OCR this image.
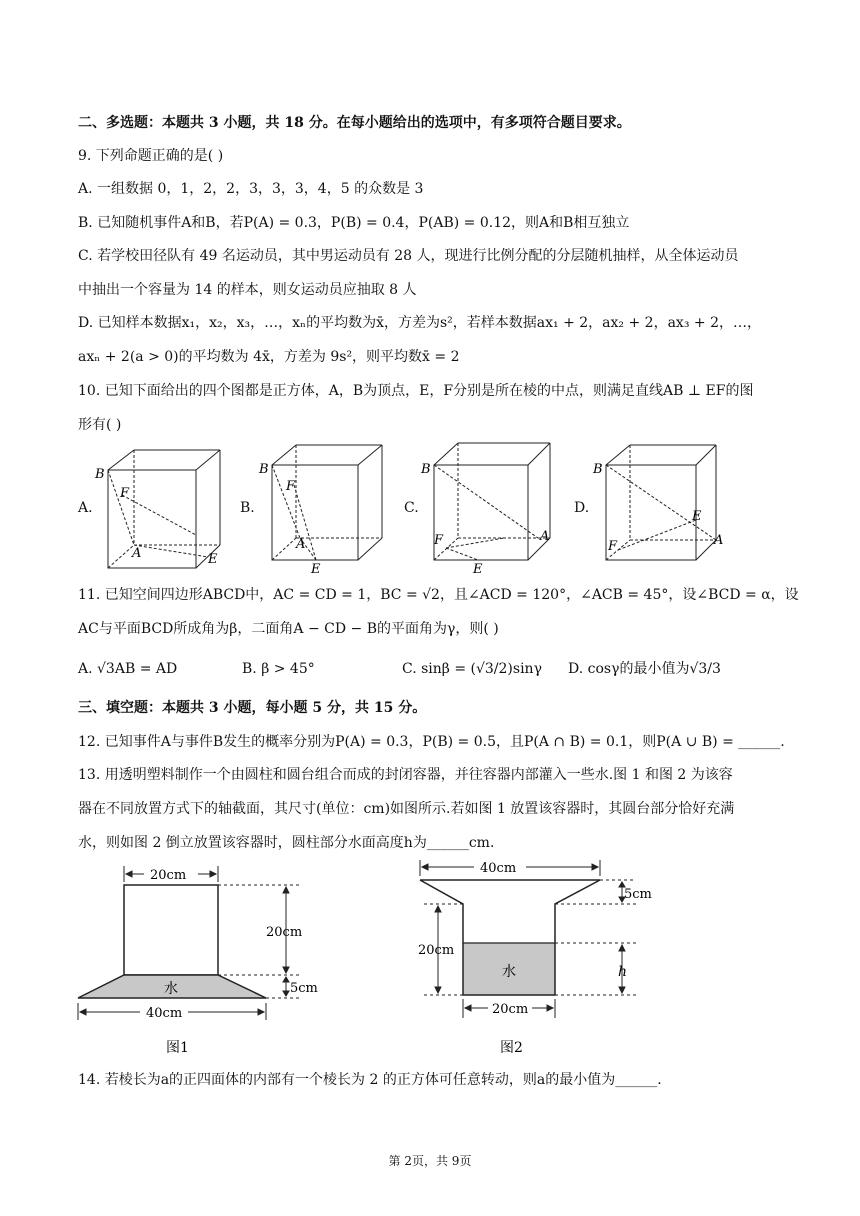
二、多选题：本题共 3 小题，共 18 分。在每小题给出的选项中，有多项符合题目要求。
9. 下列命题正确的是( )
A. 一组数据 0，1，2，2，3，3，3，4，5 的众数是 3
B. 已知随机事件A和B，若P(A) = 0.3，P(B) = 0.4，P(AB) = 0.12，则A和B相互独立
C. 若学校田径队有 49 名运动员，其中男运动员有 28 人，现进行比例分配的分层随机抽样，从全体运动员
中抽出一个容量为 14 的样本，则女运动员应抽取 8 人
D. 已知样本数据x₁，x₂，x₃，…，xₙ的平均数为x̄，方差为s²，若样本数据ax₁ + 2，ax₂ + 2，ax₃ + 2，…，
axₙ + 2(a > 0)的平均数为 4x̄，方差为 9s²，则平均数x̄ = 2
10. 已知下面给出的四个图都是正方体，A，B为顶点，E，F分别是所在棱的中点，则满足直线AB ⊥ EF的图
形有( )
A.
B
F
A	E
B.
B
F
A
E
C.
B
F	A
E
D.
B
E
A
F
11. 已知空间四边形ABCD中，AC = CD = 1，BC = √2，且∠ACD = 120°，∠ACB = 45°，设∠BCD = α，设
AC与平面BCD所成角为β，二面角A − CD − B的平面角为γ，则( )
A. √3AB = AD	B. β > 45°	C. sinβ = (√3/2)sinγ D. cosγ的最小值为√3/3
三、填空题：本题共 3 小题，每小题 5 分，共 15 分。
12. 已知事件A与事件B发生的概率分别为P(A) = 0.3，P(B) = 0.5，且P(A ∩ B) = 0.1，则P(A ∪ B) = ______.
13. 用透明塑料制作一个由圆柱和圆台组合而成的封闭容器，并往容器内部灌入一些水.图 1 和图 2 为该容
器在不同放置方式下的轴截面，其尺寸(单位：cm)如图所示.若如图 1 放置该容器时，其圆台部分恰好充满
水，则如图 2 倒立放置该容器时，圆柱部分水面高度h为______cm.
20cm
20cm
水	5cm
40cm
图1
40cm
5cm
20cm
水	h
20cm
图2
14. 若棱长为a的正四面体的内部有一个棱长为 2 的正方体可任意转动，则a的最小值为______.
第 2页，共 9页
